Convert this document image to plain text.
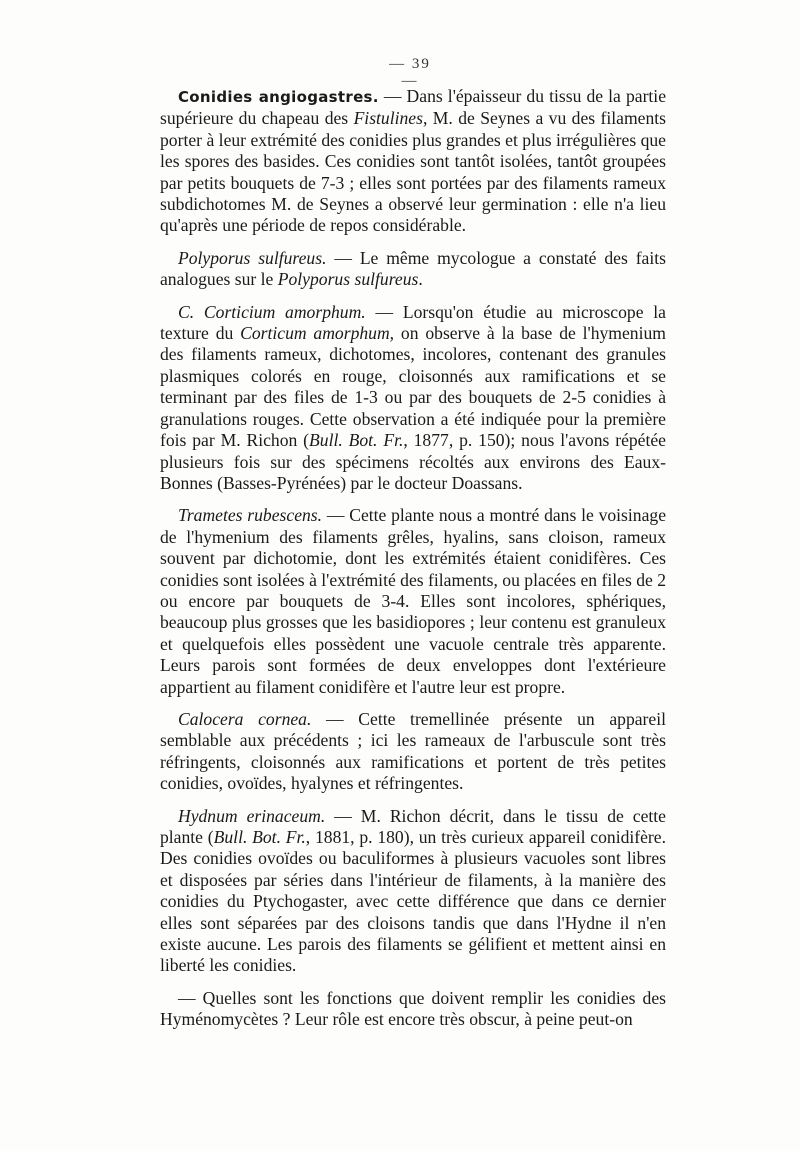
— 39 —

Conidies angiogastres. — Dans l'épaisseur du tissu de la partie supérieure du chapeau des Fistulines, M. de Seynes a vu des filaments porter à leur extrémité des conidies plus grandes et plus irrégulières que les spores des basides. Ces conidies sont tantôt isolées, tantôt groupées par petits bouquets de 7-3 ; elles sont portées par des filaments rameux subdichotomes M. de Seynes a observé leur germination : elle n'a lieu qu'après une période de repos considérable.

Polyporus sulfureus. — Le même mycologue a constaté des faits analogues sur le Polyporus sulfureus.

C. Corticium amorphum. — Lorsqu'on étudie au microscope la texture du Corticum amorphum, on observe à la base de l'hymenium des filaments rameux, dichotomes, incolores, contenant des granules plasmiques colorés en rouge, cloisonnés aux ramifications et se terminant par des files de 1-3 ou par des bouquets de 2-5 conidies à granulations rouges. Cette observation a été indiquée pour la première fois par M. Richon (Bull. Bot. Fr., 1877, p. 150); nous l'avons répétée plusieurs fois sur des spécimens récoltés aux environs des Eaux-Bonnes (Basses-Pyrénées) par le docteur Doassans.

Trametes rubescens. — Cette plante nous a montré dans le voisinage de l'hymenium des filaments grêles, hyalins, sans cloison, rameux souvent par dichotomie, dont les extrémités étaient conidifères. Ces conidies sont isolées à l'extrémité des filaments, ou placées en files de 2 ou encore par bouquets de 3-4. Elles sont incolores, sphériques, beaucoup plus grosses que les basidiopores ; leur contenu est granuleux et quelquefois elles possèdent une vacuole centrale très apparente. Leurs parois sont formées de deux enveloppes dont l'extérieure appartient au filament conidifère et l'autre leur est propre.

Calocera cornea. — Cette tremellinée présente un appareil semblable aux précédents ; ici les rameaux de l'arbuscule sont très réfringents, cloisonnés aux ramifications et portent de très petites conidies, ovoïdes, hyalynes et réfringentes.

Hydnum erinaceum. — M. Richon décrit, dans le tissu de cette plante (Bull. Bot. Fr., 1881, p. 180), un très curieux appareil conidifère. Des conidies ovoïdes ou baculiformes à plusieurs vacuoles sont libres et disposées par séries dans l'intérieur de filaments, à la manière des conidies du Ptychogaster, avec cette différence que dans ce dernier elles sont séparées par des cloisons tandis que dans l'Hydne il n'en existe aucune. Les parois des filaments se gélifient et mettent ainsi en liberté les conidies.

— Quelles sont les fonctions que doivent remplir les conidies des Hyménomycètes ? Leur rôle est encore très obscur, à peine peut-on
